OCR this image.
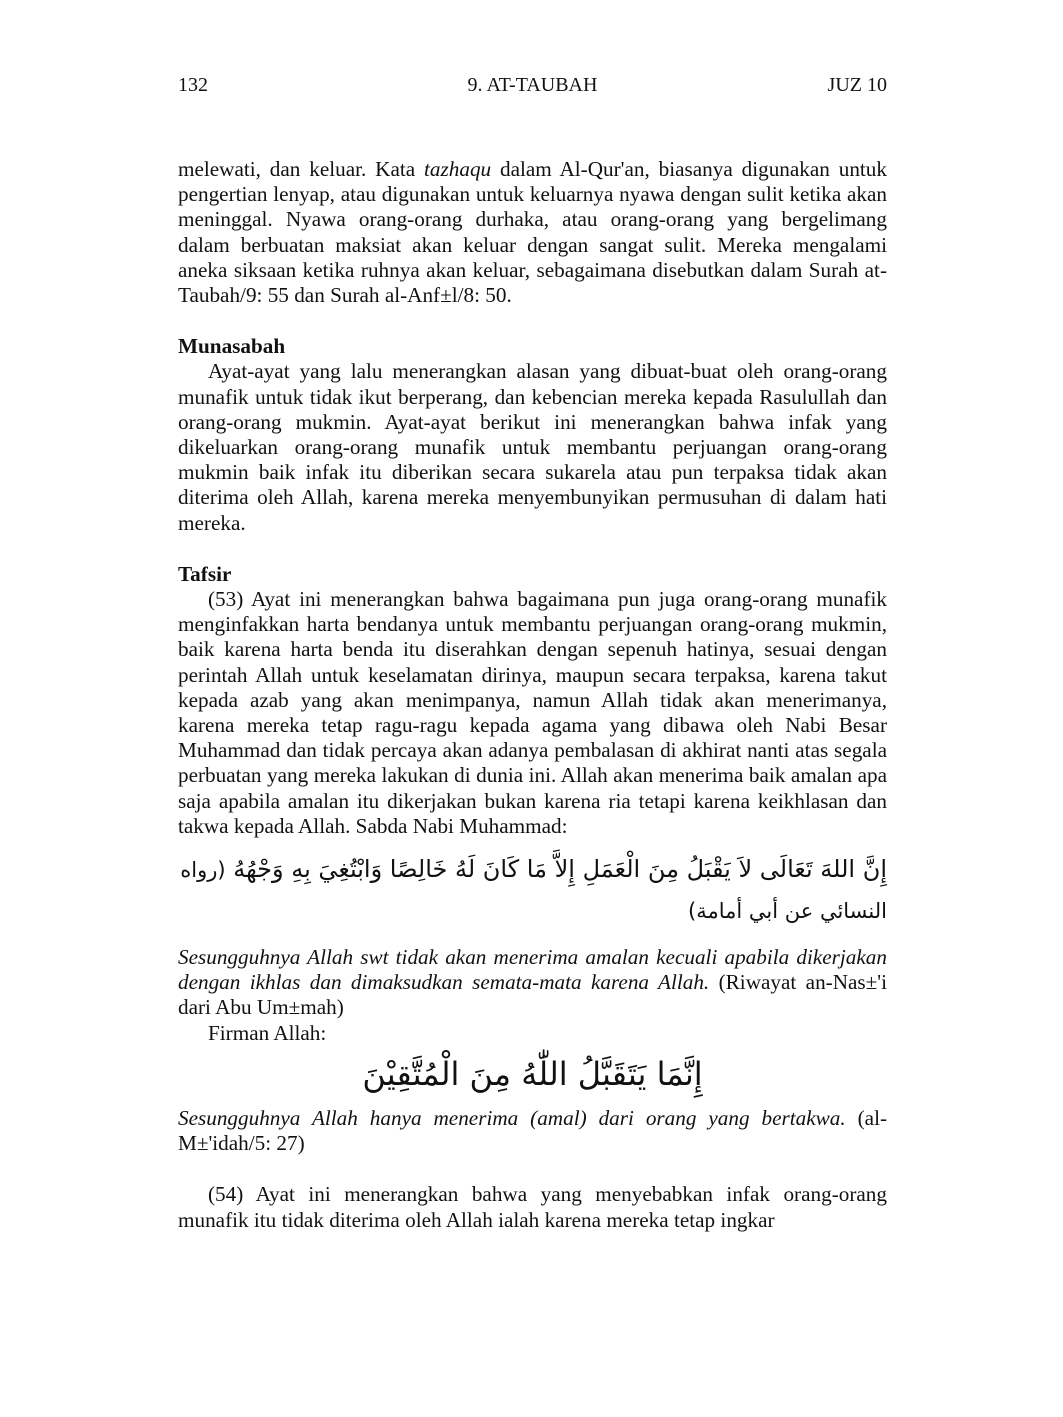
132	9. AT-TAUBAH	JUZ 10

melewati, dan keluar. Kata tazhaqu dalam Al-Qur'an, biasanya digunakan untuk pengertian lenyap, atau digunakan untuk keluarnya nyawa dengan sulit ketika akan meninggal. Nyawa orang-orang durhaka, atau orang-orang yang bergelimang dalam berbuatan maksiat akan keluar dengan sangat sulit. Mereka mengalami aneka siksaan ketika ruhnya akan keluar, sebagaimana disebutkan dalam Surah at-Taubah/9: 55 dan Surah al-Anf±l/8: 50.

Munasabah

Ayat-ayat yang lalu menerangkan alasan yang dibuat-buat oleh orang-orang munafik untuk tidak ikut berperang, dan kebencian mereka kepada Rasulullah dan orang-orang mukmin. Ayat-ayat berikut ini menerangkan bahwa infak yang dikeluarkan orang-orang munafik untuk membantu perjuangan orang-orang mukmin baik infak itu diberikan secara sukarela atau pun terpaksa tidak akan diterima oleh Allah, karena mereka menyembunyikan permusuhan di dalam hati mereka.

Tafsir

(53) Ayat ini menerangkan bahwa bagaimana pun juga orang-orang munafik menginfakkan harta bendanya untuk membantu perjuangan orang-orang mukmin, baik karena harta benda itu diserahkan dengan sepenuh hatinya, sesuai dengan perintah Allah untuk keselamatan dirinya, maupun secara terpaksa, karena takut kepada azab yang akan menimpanya, namun Allah tidak akan menerimanya, karena mereka tetap ragu-ragu kepada agama yang dibawa oleh Nabi Besar Muhammad dan tidak percaya akan adanya pembalasan di akhirat nanti atas segala perbuatan yang mereka lakukan di dunia ini. Allah akan menerima baik amalan apa saja apabila amalan itu dikerjakan bukan karena ria tetapi karena keikhlasan dan takwa kepada Allah. Sabda Nabi Muhammad:

إِنَّ اللهَ تَعَالَى لاَ يَقْبَلُ مِنَ الْعَمَلِ إِلاَّ مَا كَانَ لَهُ خَالِصًا وَابْتُغِيَ بِهِ وَجْهُهُ (رواه النسائي عن أبي أمامة)

Sesungguhnya Allah swt tidak akan menerima amalan kecuali apabila dikerjakan dengan ikhlas dan dimaksudkan semata-mata karena Allah. (Riwayat an-Nas±'i dari Abu Um±mah)

Firman Allah:

إِنَّمَا يَتَقَبَّلُ اللّٰهُ مِنَ الْمُتَّقِيْنَ

Sesungguhnya Allah hanya menerima (amal) dari orang yang bertakwa. (al-M±'idah/5: 27)

(54) Ayat ini menerangkan bahwa yang menyebabkan infak orang-orang munafik itu tidak diterima oleh Allah ialah karena mereka tetap ingkar
